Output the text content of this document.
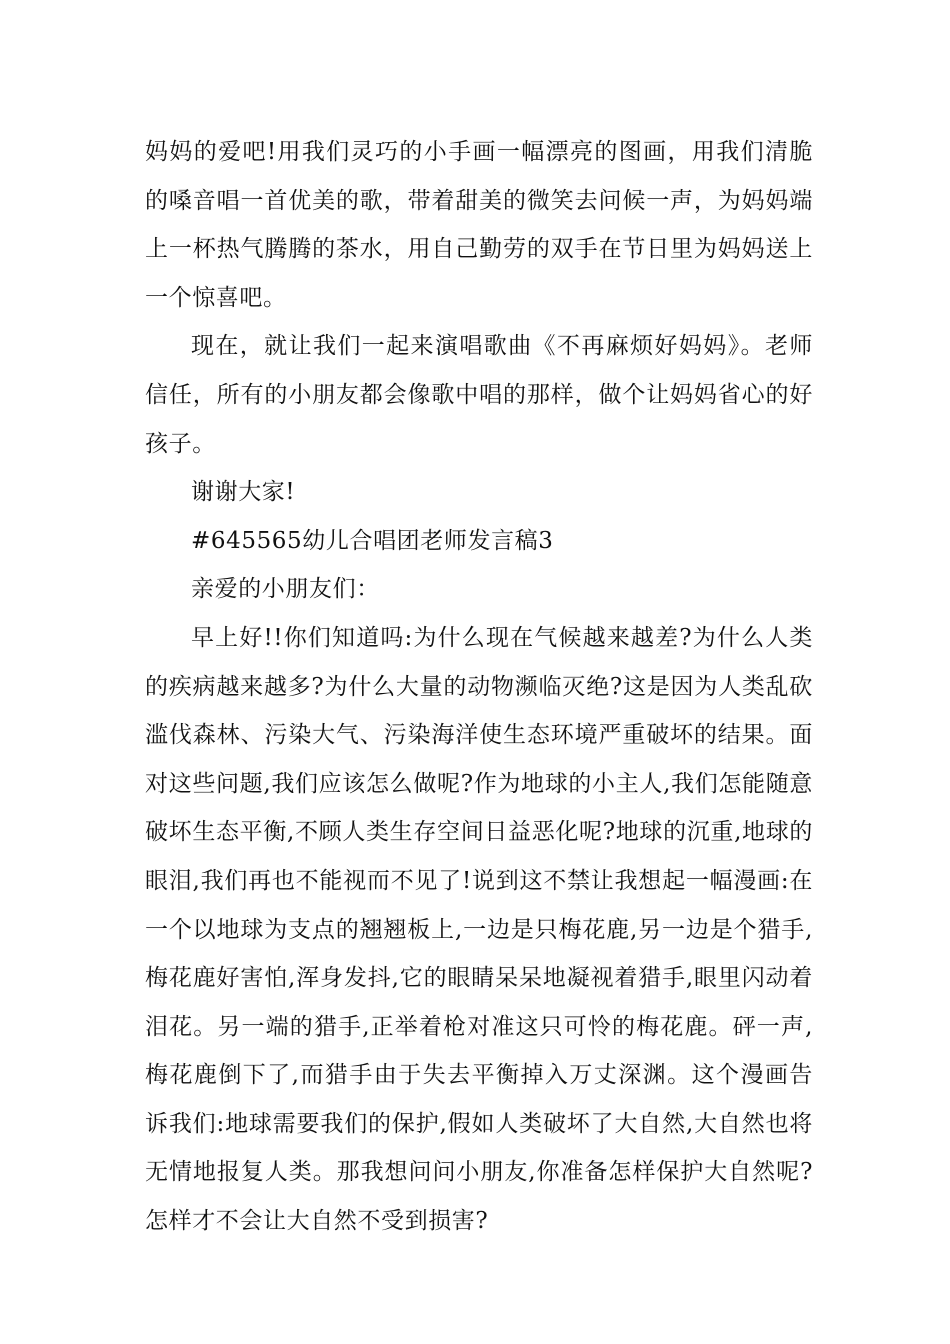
妈妈的爱吧!用我们灵巧的小手画一幅漂亮的图画，用我们清脆的嗓音唱一首优美的歌，带着甜美的微笑去问候一声，为妈妈端上一杯热气腾腾的茶水，用自己勤劳的双手在节日里为妈妈送上一个惊喜吧。

现在，就让我们一起来演唱歌曲《不再麻烦好妈妈》。老师信任，所有的小朋友都会像歌中唱的那样，做个让妈妈省心的好孩子。

谢谢大家!

#645565幼儿合唱团老师发言稿3

亲爱的小朋友们：

早上好!!你们知道吗:为什么现在气候越来越差?为什么人类的疾病越来越多?为什么大量的动物濒临灭绝?这是因为人类乱砍滥伐森林、污染大气、污染海洋使生态环境严重破坏的结果。面对这些问题,我们应该怎么做呢?作为地球的小主人,我们怎能随意破坏生态平衡,不顾人类生存空间日益恶化呢?地球的沉重,地球的眼泪,我们再也不能视而不见了!说到这不禁让我想起一幅漫画:在一个以地球为支点的翘翘板上,一边是只梅花鹿,另一边是个猎手,梅花鹿好害怕,浑身发抖,它的眼睛呆呆地凝视着猎手,眼里闪动着泪花。另一端的猎手,正举着枪对准这只可怜的梅花鹿。砰一声,梅花鹿倒下了,而猎手由于失去平衡掉入万丈深渊。这个漫画告诉我们:地球需要我们的保护,假如人类破坏了大自然,大自然也将无情地报复人类。那我想问问小朋友,你准备怎样保护大自然呢?怎样才不会让大自然不受到损害?
